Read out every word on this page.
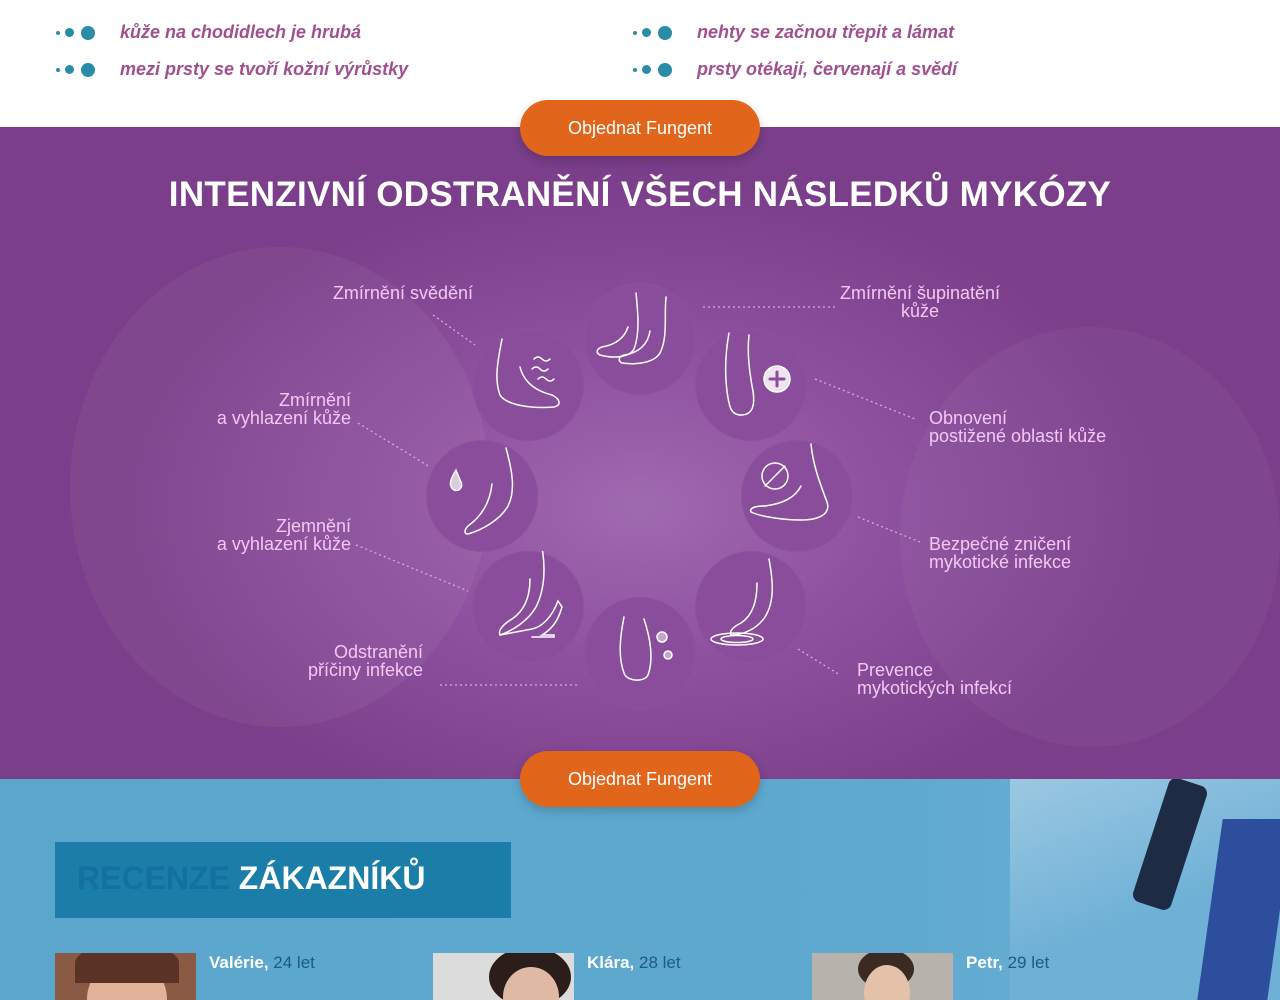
kůže na chodidlech je hrubá
mezi prsty se tvoří kožní výrůstky
nehty se začnou třepit a lámat
prsty otékají, červenají a svědí
INTENZIVNÍ ODSTRANĚNÍ VŠECH NÁSLEDKŮ MYKÓZY
Zmírnění svědění
Zmírnění
a vyhlazení kůže
Zjemnění
a vyhlazení kůže
Odstranění
příčiny infekce
Zmírnění šupinatění
kůže
Obnovení
postižené oblasti kůže
Bezpečné zničení
mykotické infekce
Prevence
mykotických infekcí
Objednat Fungent
Objednat Fungent
RECENZE ZÁKAZNÍKŮ
Valérie, 24 let	Klára, 28 let	Petr, 29 let
